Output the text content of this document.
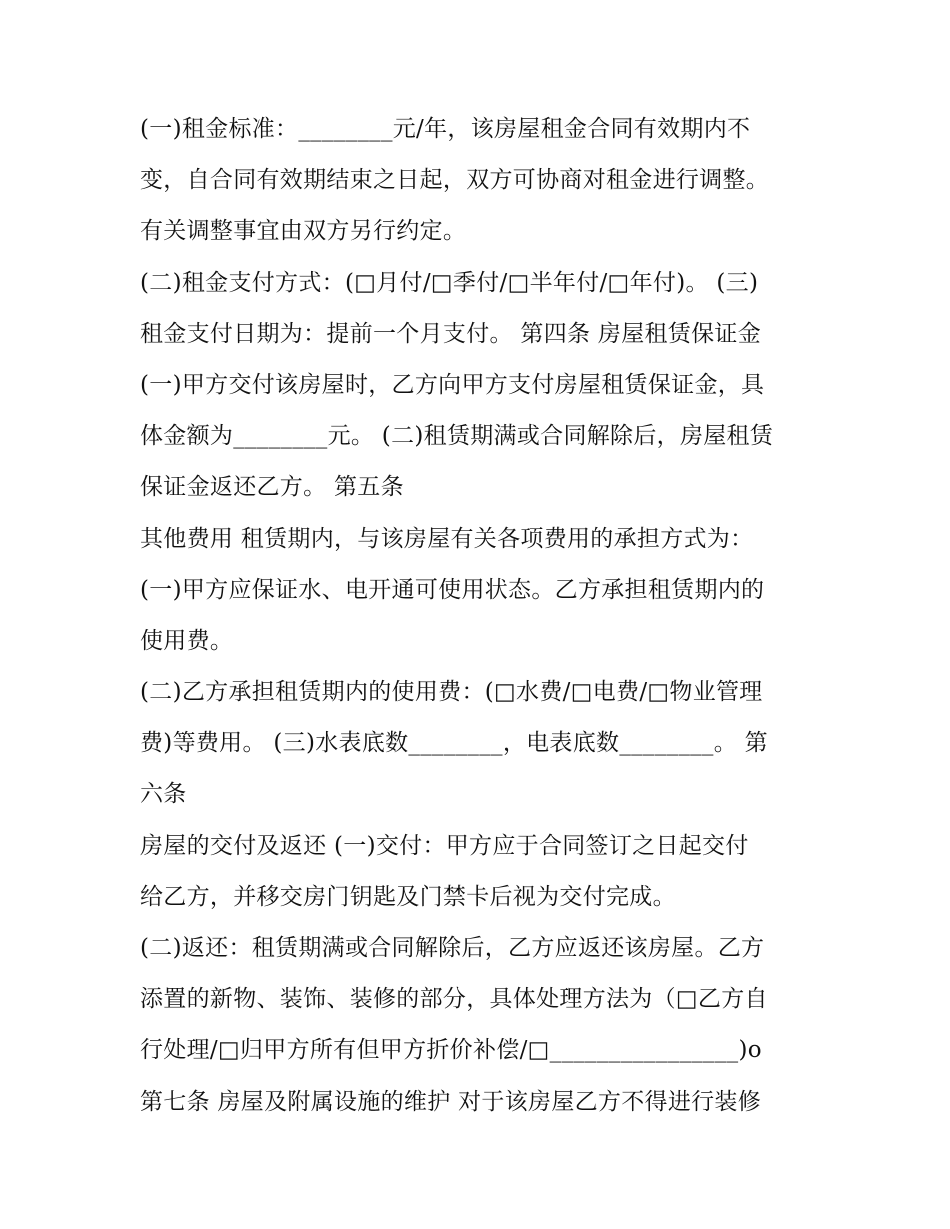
(一)租金标准：________元/年，该房屋租金合同有效期内不
变，自合同有效期结束之日起，双方可协商对租金进行调整。
有关调整事宜由双方另行约定。
(二)租金支付方式：(□月付/□季付/□半年付/□年付)。 (三)
租金支付日期为：提前一个月支付。 第四条 房屋租赁保证金
(一)甲方交付该房屋时，乙方向甲方支付房屋租赁保证金，具
体金额为________元。 (二)租赁期满或合同解除后，房屋租赁
保证金返还乙方。 第五条
其他费用 租赁期内，与该房屋有关各项费用的承担方式为：
(一)甲方应保证水、电开通可使用状态。乙方承担租赁期内的
使用费。
(二)乙方承担租赁期内的使用费：(□水费/□电费/□物业管理
费)等费用。 (三)水表底数________，电表底数________。 第
六条
房屋的交付及返还 (一)交付：甲方应于合同签订之日起交付
给乙方，并移交房门钥匙及门禁卡后视为交付完成。
(二)返还：租赁期满或合同解除后，乙方应返还该房屋。乙方
添置的新物、装饰、装修的部分，具体处理方法为（□乙方自
行处理/□归甲方所有但甲方折价补偿/□________________)o
第七条 房屋及附属设施的维护 对于该房屋乙方不得进行装修
